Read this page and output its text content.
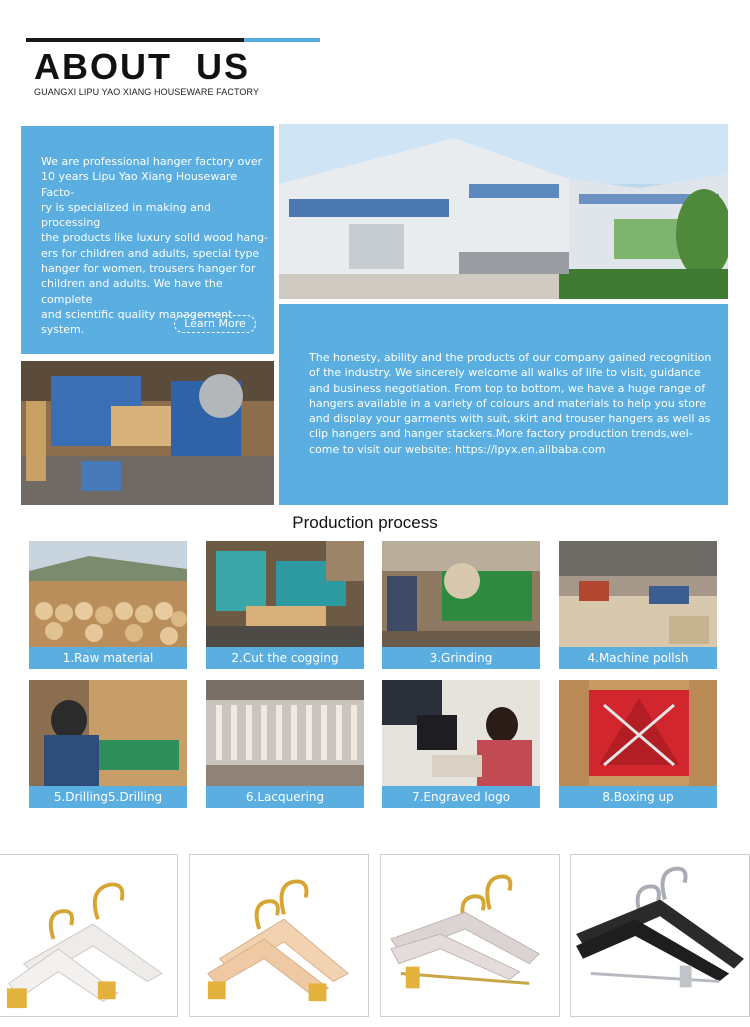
ABOUT  US
GUANGXI LIPU YAO XIANG HOUSEWARE FACTORY
We are professional hanger factory over
10 years Lipu Yao Xiang Houseware Facto-
ry is specialized in making and processing
the products like luxury solid wood hang-
ers for children and adults, special type
hanger for women, trousers hanger for
children and adults. We have the complete
and scientific quality management system.	Learn More
The honesty, ability and the products of our company gained recognition
of the industry. We sincerely welcome all walks of life to visit, guidance
and business negotiation. From top to bottom, we have a huge range of
hangers available in a variety of colours and materials to help you store
and display your garments with suit, skirt and trouser hangers as well as
clip hangers and hanger stackers.More factory production trends,wel-
come to visit our website: https://lpyx.en.alibaba.com
Production process
1.Raw material	2.Cut the cogging	3.Grinding	4.Machine pollsh
5.Drilling5.Drilling	6.Lacquering	7.Engraved logo	8.Boxing up
